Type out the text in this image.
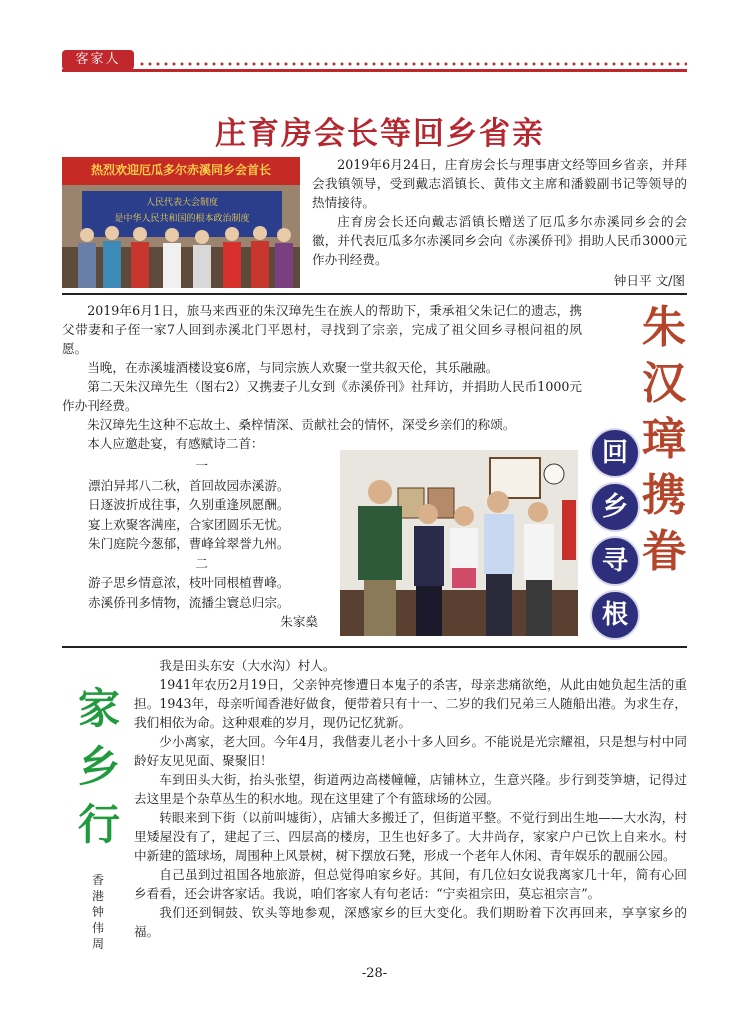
客家人
庄育房会长等回乡省亲
热烈欢迎厄瓜多尔赤溪同乡会首长
人民代表大会制度
是中华人民共和国的根本政治制度

2019年6月24日，庄育房会长与理事唐文经等回乡省亲，并拜会我镇领导，受到戴志滔镇长、黄伟文主席和潘毅副书记等领导的热情接待。

庄育房会长还向戴志滔镇长赠送了厄瓜多尔赤溪同乡会的会徽，并代表厄瓜多尔赤溪同乡会向《赤溪侨刊》捐助人民币3000元作办刊经费。

钟日平 文/图

2019年6月1日，旅马来西亚的朱汉璋先生在族人的帮助下，秉承祖父朱记仁的遗志，携父带妻和子侄一家7人回到赤溪北门平恩村，寻找到了宗亲，完成了祖父回乡寻根问祖的夙愿。

当晚，在赤溪墟酒楼设宴6席，与同宗族人欢聚一堂共叙天伦，其乐融融。

第二天朱汉璋先生（图右2）又携妻子儿女到《赤溪侨刊》社拜访，并捐助人民币1000元作办刊经费。

朱汉璋先生这种不忘故土、桑梓情深、贡献社会的情怀，深受乡亲们的称颂。

本人应邀赴宴，有感赋诗二首：

一

漂泊异邦八二秋，首回故园赤溪游。

日逐波折成往事，久别重逢夙愿酬。

宴上欢聚客满座，合家团圆乐无忧。

朱门庭院今葱郁，曹峰耸翠誉九州。

二

游子思乡情意浓，枝叶同根植曹峰。

赤溪侨刊多情物，流播尘寰总归宗。

朱家燊

朱
汉
璋
携
眷
回
乡
寻
根
家
乡
行
香
港
钟
伟
周

我是田头东安（大水沟）村人。

1941年农历2月19日，父亲钟亮惨遭日本鬼子的杀害，母亲悲痛欲绝，从此由她负起生活的重担。1943年，母亲听闻香港好做食，便带着只有十一、二岁的我们兄弟三人随船出港。为求生存，我们相依为命。这种艰难的岁月，现仍记忆犹新。

少小离家，老大回。今年4月，我偕妻儿老小十多人回乡。不能说是光宗耀祖，只是想与村中同龄好友见见面、聚聚旧！

车到田头大街，抬头张望，街道两边高楼幢幢，店铺林立，生意兴隆。步行到茭笋塘，记得过去这里是个杂草丛生的积水地。现在这里建了个有篮球场的公园。

转眼来到下街（以前叫墟街），店铺大多搬迁了，但街道平整。不觉行到出生地——大水沟，村里矮屋没有了，建起了三、四层高的楼房，卫生也好多了。大井尚存，家家户户已饮上自来水。村中新建的篮球场，周围种上风景树，树下摆放石凳，形成一个老年人休闲、青年娱乐的靓丽公园。

自己虽到过祖国各地旅游，但总觉得咱家乡好。其间，有几位妇女说我离家几十年，简有心回乡看看，还会讲客家话。我说，咱们客家人有句老话：“宁卖祖宗田，莫忘祖宗言”。

我们还到铜鼓、钦头等地参观，深感家乡的巨大变化。我们期盼着下次再回来，享享家乡的福。

-28-
